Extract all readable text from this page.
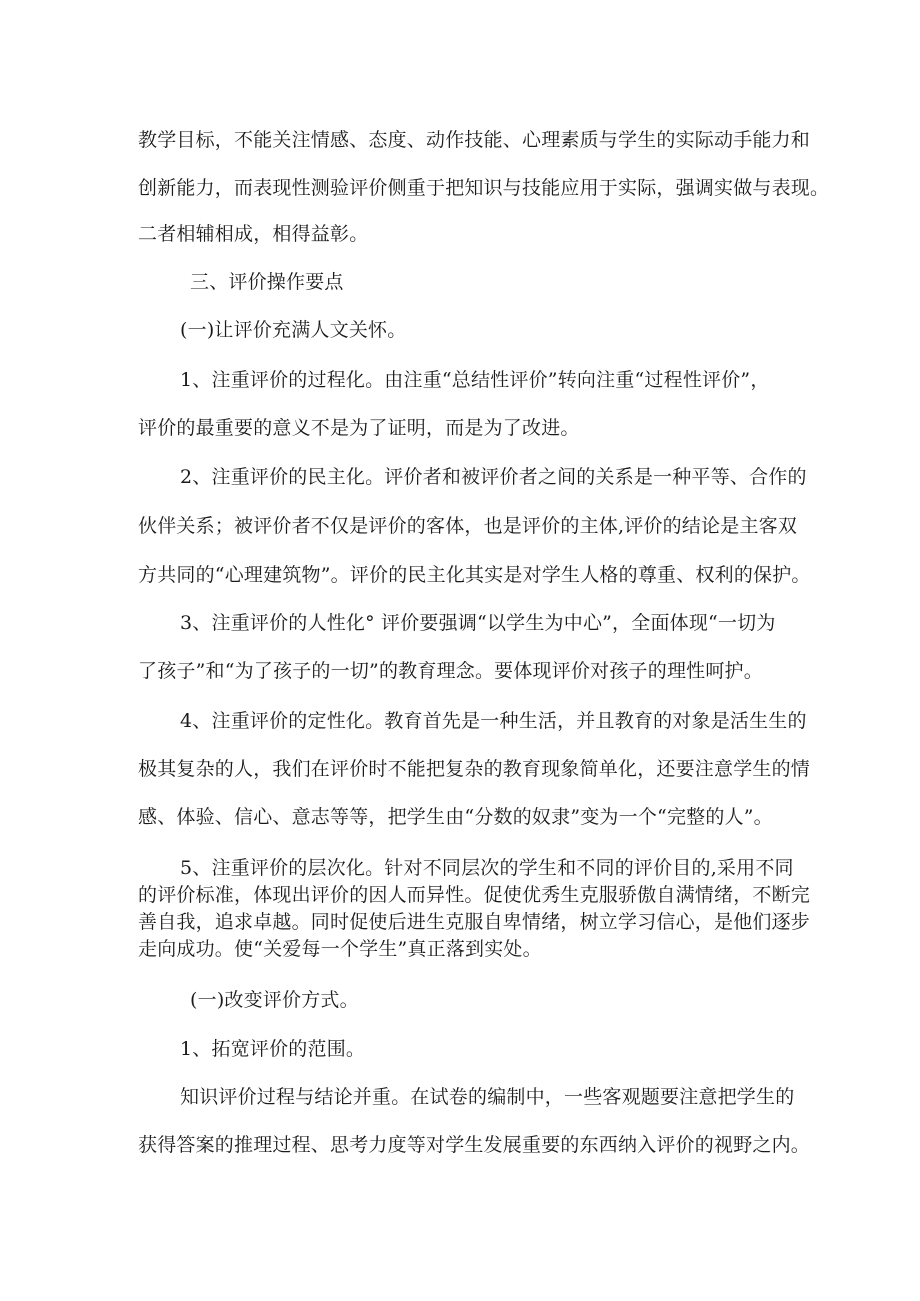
教学目标，不能关注情感、态度、动作技能、心理素质与学生的实际动手能力和
创新能力，而表现性测验评价侧重于把知识与技能应用于实际，强调实做与表现。
二者相辅相成，相得益彰。
三、评价操作要点
(一)让评价充满人文关怀。
1、注重评价的过程化。由注重“总结性评价”转向注重“过程性评价”，
评价的最重要的意义不是为了证明，而是为了改进。
2、注重评价的民主化。评价者和被评价者之间的关系是一种平等、合作的
伙伴关系；被评价者不仅是评价的客体，也是评价的主体,评价的结论是主客双
方共同的“心理建筑物”。评价的民主化其实是对学生人格的尊重、权利的保护。
3、注重评价的人性化° 评价要强调“以学生为中心”，全面体现“一切为
了孩子”和“为了孩子的一切”的教育理念。要体现评价对孩子的理性呵护。
4、注重评价的定性化。教育首先是一种生活，并且教育的对象是活生生的
极其复杂的人，我们在评价时不能把复杂的教育现象简单化，还要注意学生的情
感、体验、信心、意志等等，把学生由“分数的奴隶”变为一个“完整的人”。
5、注重评价的层次化。针对不同层次的学生和不同的评价目的,采用不同
的评价标准，体现出评价的因人而异性。促使优秀生克服骄傲自满情绪，不断完
善自我，追求卓越。同时促使后进生克服自卑情绪，树立学习信心，是他们逐步
走向成功。使“关爱每一个学生”真正落到实处。
(一)改变评价方式。
1、拓宽评价的范围。
知识评价过程与结论并重。在试卷的编制中，一些客观题要注意把学生的
获得答案的推理过程、思考力度等对学生发展重要的东西纳入评价的视野之内。
